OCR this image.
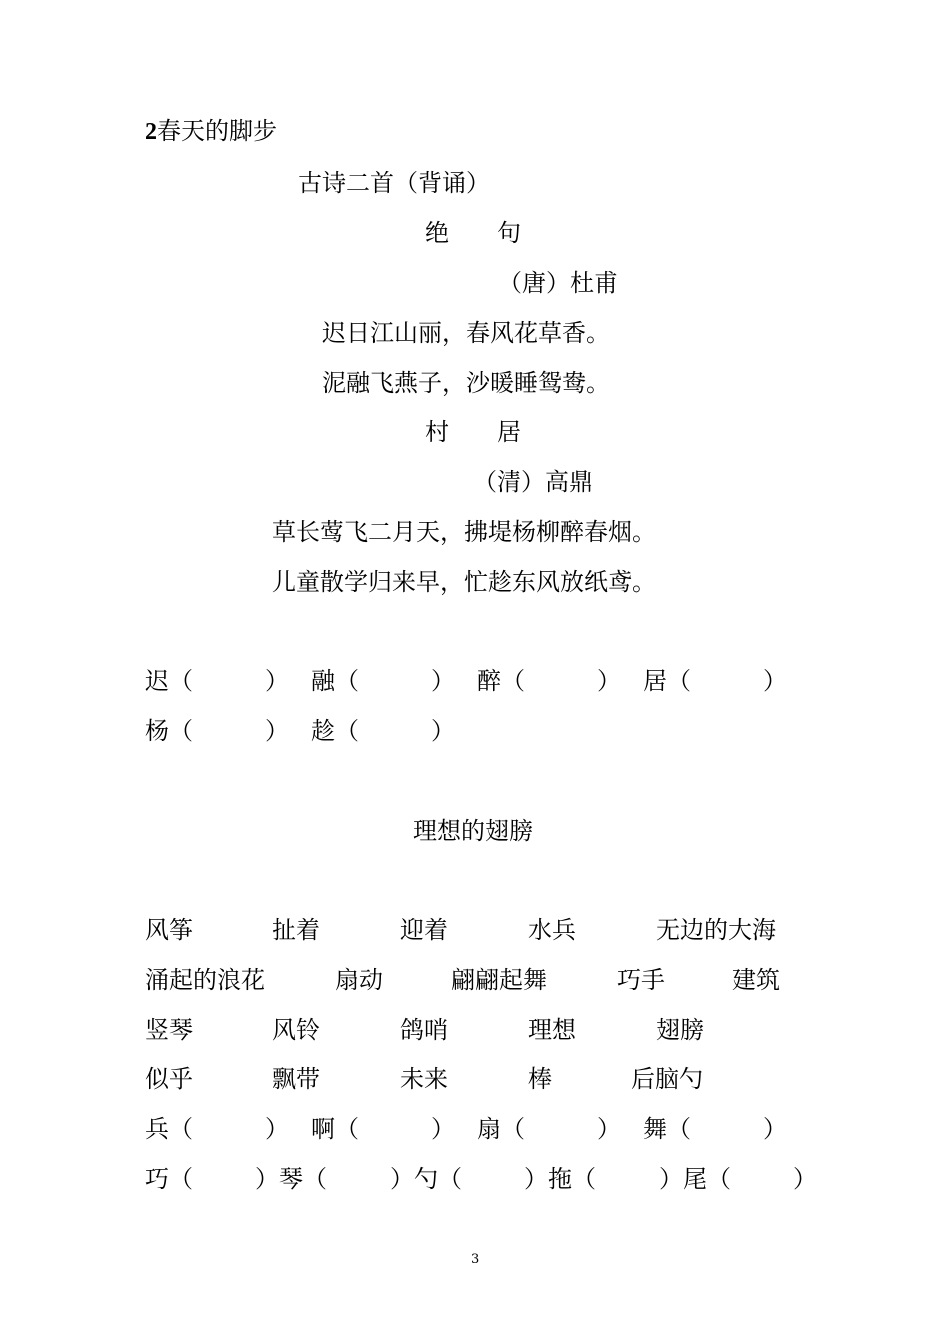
2春天的脚步
古诗二首（背诵）
绝　　句
（唐）杜甫
迟日江山丽，春风花草香。
泥融飞燕子，沙暖睡鸳鸯。
村　　居
（清）高鼎
草长莺飞二月天，拂堤杨柳醉春烟。
儿童散学归来早，忙趁东风放纸鸢。
迟（	） 融（	） 醉（	） 居（	）
杨（	） 趁（	）
理想的翅膀
风筝	扯着	迎着	水兵	无边的大海
涌起的浪花	扇动	翩翩起舞	巧手	建筑
竖琴	风铃	鸽哨	理想	翅膀
似乎	飘带	未来	棒	后脑勺
兵（	） 啊（	） 扇（	） 舞（	）
巧（	）琴（	）勺（	）拖（	）尾（	）
3
